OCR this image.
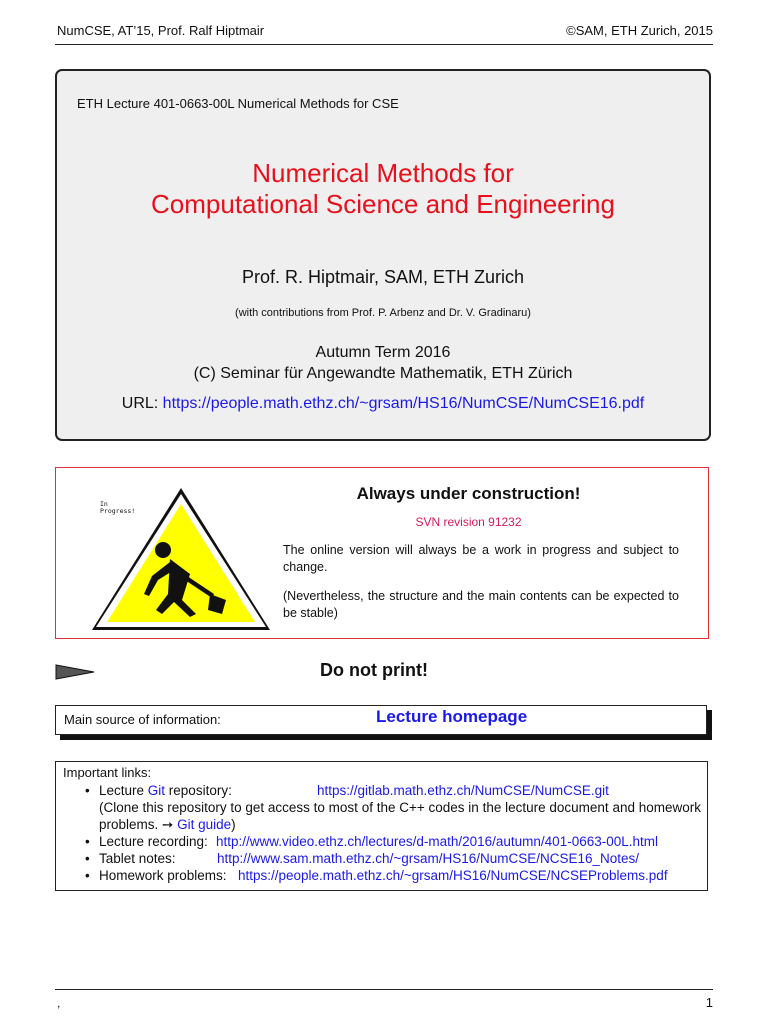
NumCSE, AT’15, Prof. Ralf Hiptmair	©SAM, ETH Zurich, 2015
ETH Lecture 401-0663-00L Numerical Methods for CSE
Numerical Methods for
Computational Science and Engineering
Prof. R. Hiptmair, SAM, ETH Zurich
(with contributions from Prof. P. Arbenz and Dr. V. Gradinaru)
Autumn Term 2016
(C) Seminar für Angewandte Mathematik, ETH Zürich
URL: https://people.math.ethz.ch/~grsam/HS16/NumCSE/NumCSE16.pdf
In
Progress!
Always under construction!
SVN revision 91232
The online version will always be a work in progress and subject to change.
(Nevertheless, the structure and the main contents can be expected to be stable)
Do not print!
Main source of information:	Lecture homepage
Important links:
• Lecture Git repository:	https://gitlab.math.ethz.ch/NumCSE/NumCSE.git
(Clone this repository to get access to most of the C++ codes in the lecture document and homework problems. ➙ Git guide)
• Lecture recording: http://www.video.ethz.ch/lectures/d-math/2016/autumn/401-0663-00L.html
• Tablet notes:	http://www.sam.math.ethz.ch/~grsam/HS16/NumCSE/NCSE16_Notes/
• Homework problems: https://people.math.ethz.ch/~grsam/HS16/NumCSE/NCSEProblems.pdf
,	1
